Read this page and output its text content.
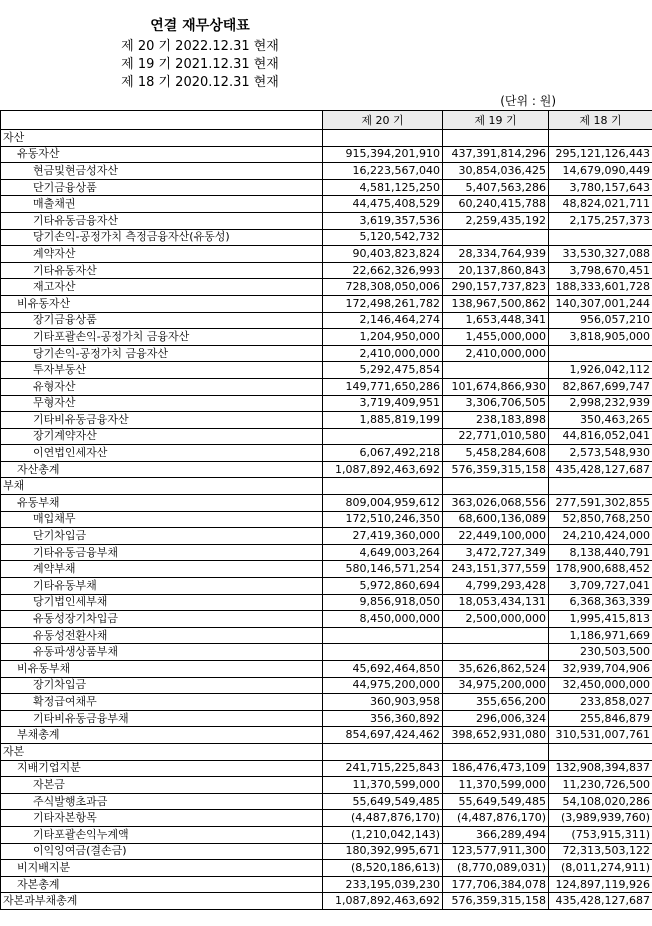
연결 재무상태표
제 20 기 2022.12.31 현재
제 19 기 2021.12.31 현재
제 18 기 2020.12.31 현재
(단위 : 원)
	제 20 기	제 19 기	제 18 기
자산			
유동자산	915,394,201,910	437,391,814,296	295,121,126,443
현금및현금성자산	16,223,567,040	30,854,036,425	14,679,090,449
단기금융상품	4,581,125,250	5,407,563,286	3,780,157,643
매출채권	44,475,408,529	60,240,415,788	48,824,021,711
기타유동금융자산	3,619,357,536	2,259,435,192	2,175,257,373
당기손익-공정가치 측정금융자산(유동성)	5,120,542,732		
계약자산	90,403,823,824	28,334,764,939	33,530,327,088
기타유동자산	22,662,326,993	20,137,860,843	3,798,670,451
재고자산	728,308,050,006	290,157,737,823	188,333,601,728
비유동자산	172,498,261,782	138,967,500,862	140,307,001,244
장기금융상품	2,146,464,274	1,653,448,341	956,057,210
기타포괄손익-공정가치 금융자산	1,204,950,000	1,455,000,000	3,818,905,000
당기손익-공정가치 금융자산	2,410,000,000	2,410,000,000	
투자부동산	5,292,475,854		1,926,042,112
유형자산	149,771,650,286	101,674,866,930	82,867,699,747
무형자산	3,719,409,951	3,306,706,505	2,998,232,939
기타비유동금융자산	1,885,819,199	238,183,898	350,463,265
장기계약자산		22,771,010,580	44,816,052,041
이연법인세자산	6,067,492,218	5,458,284,608	2,573,548,930
자산총계	1,087,892,463,692	576,359,315,158	435,428,127,687
부채			
유동부채	809,004,959,612	363,026,068,556	277,591,302,855
매입채무	172,510,246,350	68,600,136,089	52,850,768,250
단기차입금	27,419,360,000	22,449,100,000	24,210,424,000
기타유동금융부채	4,649,003,264	3,472,727,349	8,138,440,791
계약부채	580,146,571,254	243,151,377,559	178,900,688,452
기타유동부채	5,972,860,694	4,799,293,428	3,709,727,041
당기법인세부채	9,856,918,050	18,053,434,131	6,368,363,339
유동성장기차입금	8,450,000,000	2,500,000,000	1,995,415,813
유동성전환사채			1,186,971,669
유동파생상품부채			230,503,500
비유동부채	45,692,464,850	35,626,862,524	32,939,704,906
장기차입금	44,975,200,000	34,975,200,000	32,450,000,000
확정급여채무	360,903,958	355,656,200	233,858,027
기타비유동금융부채	356,360,892	296,006,324	255,846,879
부채총계	854,697,424,462	398,652,931,080	310,531,007,761
자본			
지배기업지분	241,715,225,843	186,476,473,109	132,908,394,837
자본금	11,370,599,000	11,370,599,000	11,230,726,500
주식발행초과금	55,649,549,485	55,649,549,485	54,108,020,286
기타자본항목	(4,487,876,170)	(4,487,876,170)	(3,989,939,760)
기타포괄손익누계액	(1,210,042,143)	366,289,494	(753,915,311)
이익잉여금(결손금)	180,392,995,671	123,577,911,300	72,313,503,122
비지배지분	(8,520,186,613)	(8,770,089,031)	(8,011,274,911)
자본총계	233,195,039,230	177,706,384,078	124,897,119,926
자본과부채총계	1,087,892,463,692	576,359,315,158	435,428,127,687
